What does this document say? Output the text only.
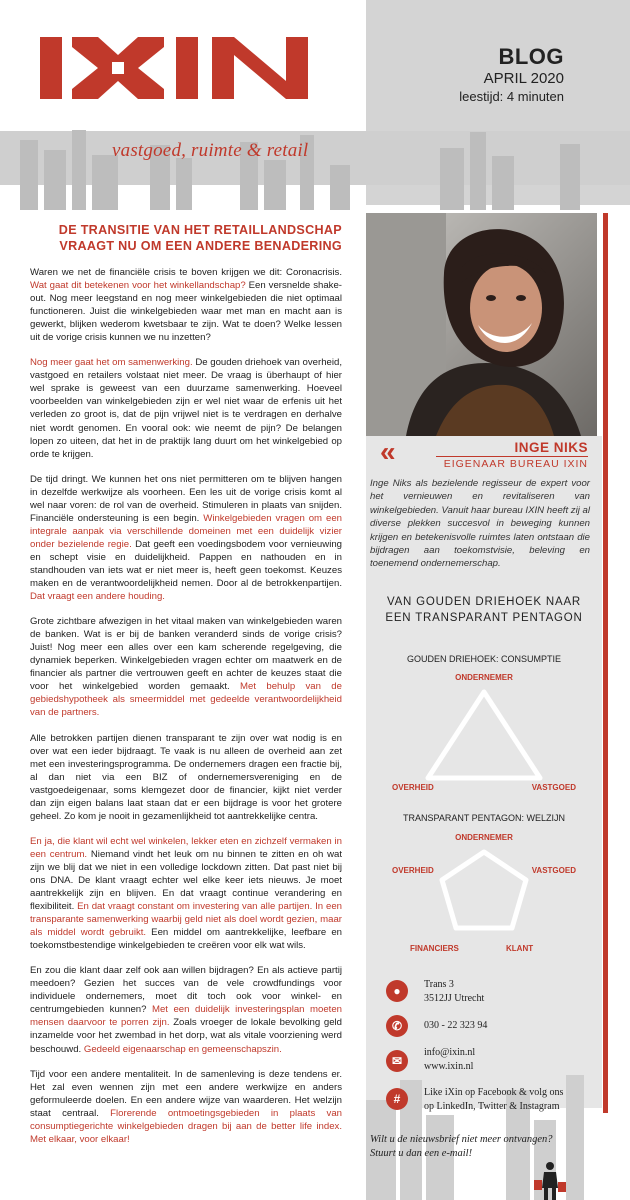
vastgoed, ruimte & retail
BLOG
APRIL 2020
leestijd: 4 minuten
DE TRANSITIE VAN HET RETAILLANDSCHAP
VRAAGT NU OM EEN ANDERE BENADERING

Waren we net de financiële crisis te boven krijgen we dit: Coronacrisis. Wat gaat dit betekenen voor het winkellandschap? Een versnelde shake-out. Nog meer leegstand en nog meer winkelgebieden die niet optimaal functioneren. Juist die winkelgebieden waar met man en macht aan is gewerkt, blijken wederom kwetsbaar te zijn. Wat te doen? Welke lessen uit de vorige crisis kunnen we nu inzetten?

Nog meer gaat het om samenwerking. De gouden driehoek van overheid, vastgoed en retailers volstaat niet meer. De vraag is überhaupt of hier wel sprake is geweest van een duurzame samenwerking. Hoeveel voorbeelden van winkelgebieden zijn er wel niet waar de erfenis uit het verleden zo groot is, dat de pijn vrijwel niet is te verdragen en derhalve niet wordt genomen. En vooral ook: wie neemt de pijn? De belangen lopen zo uiteen, dat het in de praktijk lang duurt om het winkelgebied op orde te krijgen.

De tijd dringt. We kunnen het ons niet permitteren om te blijven hangen in dezelfde werkwijze als voorheen. Een les uit de vorige crisis komt al wel naar voren: de rol van de overheid. Stimuleren in plaats van snijden. Financiële ondersteuning is een begin. Winkelgebieden vragen om een integrale aanpak via verschillende domeinen met een duidelijk vizier onder bezielende regie. Dat geeft een voedingsbodem voor vernieuwing en schept visie en duidelijkheid. Pappen en nathouden en in standhouden van iets wat er niet meer is, heeft geen toekomst. Keuzes maken en de verantwoordelijkheid nemen. Door al de betrokkenpartijen. Dat vraagt een andere houding.

Grote zichtbare afwezigen in het vitaal maken van winkelgebieden waren de banken. Wat is er bij de banken veranderd sinds de vorige crisis? Juist! Nog meer een alles over een kam scherende regelgeving, die dynamiek beperken. Winkelgebieden vragen echter om maatwerk en de financier als partner die vertrouwen geeft en achter de keuzes staat die voor het winkelgebied worden gemaakt. Met behulp van de gebiedshypotheek als smeermiddel met gedeelde verantwoordelijkheid van de partners.

Alle betrokken partijen dienen transparant te zijn over wat nodig is en over wat een ieder bijdraagt. Te vaak is nu alleen de overheid aan zet met een investeringsprogramma. De ondernemers dragen een fractie bij, al dan niet via een BIZ of ondernemersvereniging en de vastgoedeigenaar, soms klemgezet door de financier, kijkt niet verder dan zijn eigen balans laat staan dat er een bijdrage is voor het grotere geheel. Zo kom je nooit in gezamenlijkheid tot aantrekkelijke centra.

En ja, die klant wil echt wel winkelen, lekker eten en zichzelf vermaken in een centrum. Niemand vindt het leuk om nu binnen te zitten en oh wat zijn we blij dat we niet in een volledige lockdown zitten. Dat past niet bij ons DNA. De klant vraagt echter wel elke keer iets nieuws. Je moet aantrekkelijk zijn en blijven. En dat vraagt continue verandering en flexibiliteit. En dat vraagt constant om investering van alle partijen. In een transparante samenwerking waarbij geld niet als doel wordt gezien, maar als middel wordt gebruikt. Een middel om aantrekkelijke, leefbare en toekomstbestendige winkelgebieden te creëren voor elk wat wils.

En zou die klant daar zelf ook aan willen bijdragen? En als actieve partij meedoen? Gezien het succes van de vele crowdfundings voor individuele ondernemers, moet dit toch ook voor winkel- en centrumgebieden kunnen? Met een duidelijk investeringsplan moeten mensen daarvoor te porren zijn. Zoals vroeger de lokale bevolking geld inzamelde voor het zwembad in het dorp, wat als vitale voorziening werd beschouwd. Gedeeld eigenaarschap en gemeenschapszin.

Tijd voor een andere mentaliteit. In de samenleving is deze tendens er. Het zal even wennen zijn met een andere werkwijze en anders geformuleerde doelen. En een andere wijze van waarderen. Het welzijn staat centraal. Florerende ontmoetingsgebieden in plaats van consumptiegerichte winkelgebieden dragen bij aan de better life index. Met elkaar, voor elkaar!

«	INGE NIKS
EIGENAAR BUREAU IXIN
Inge Niks als bezielende regisseur de expert voor het vernieuwen en revitaliseren van winkelgebieden. Vanuit haar bureau IXIN heeft zij al diverse plekken succesvol in beweging kunnen krijgen en betekenisvolle ruimtes laten ontstaan die bijdragen aan toekomstvisie, beleving en toenemend ondernemerschap.
VAN GOUDEN DRIEHOEK NAAR
EEN TRANSPARANT PENTAGON
GOUDEN DRIEHOEK: CONSUMPTIE
ONDERNEMER
OVERHEID	VASTGOED
TRANSPARANT PENTAGON: WELZIJN
ONDERNEMER
OVERHEID	VASTGOED
FINANCIERS	KLANT
●	Trans 3
3512JJ Utrecht
✆	030 - 22 323 94
✉
info@ixin.nl
www.ixin.nl
#	Like iXin op Facebook & volg ons
op LinkedIn, Twitter & Instagram
Wilt u de nieuwsbrief niet meer ontvangen?
Stuurt u dan een e-mail!
